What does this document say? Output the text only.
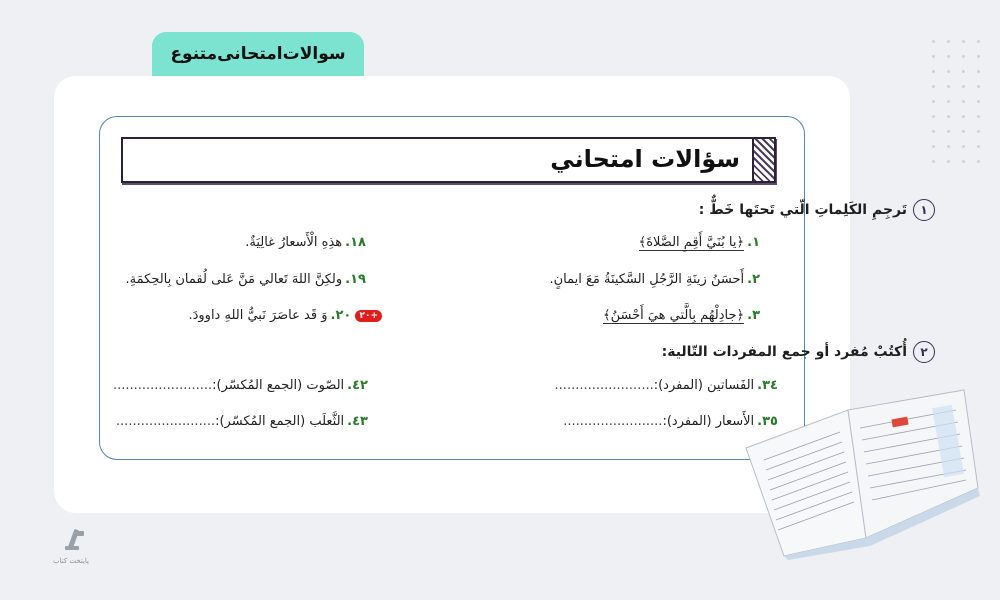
سوالات‌امتحانی‌متنوع
سؤالات امتحاني
١
تَرجِمِ الكَلِماتِ الّتي تَحتَها خَطٌّ :
١.﴿يا بُنَيَّ أَقِمِ الصَّلاةَ﴾
٢.أَحسَنُ زينَةِ الرَّجُلِ السَّكينَةُ مَعَ ايمانٍ.
٣.﴿جادِلْهُم بِالَّتي هيَ أَحْسَنُ﴾
١٨.هذِهِ الْأَسعارُ غالِيَةٌ.
١٩.ولكِنَّ اللهَ تَعالي مَنَّ عَلى لُقمان بِالحِكمَةِ.
+٢٠ ٢٠.وَ قَد عاصَرَ نَبيُّ اللهِ داوودَ.
٢
أُكتُبْ مُفرد أو جمع المفردات التّالية:
٣٤.الفَساتين (المفرد):........................
٣٥.الأَسعار (المفرد):........................
٤٢.الصّوت (الجمع المُكسّر):........................
٤٣.الثَّعلَب (الجمع المُكسّر):........................
پایتخت کتاب
